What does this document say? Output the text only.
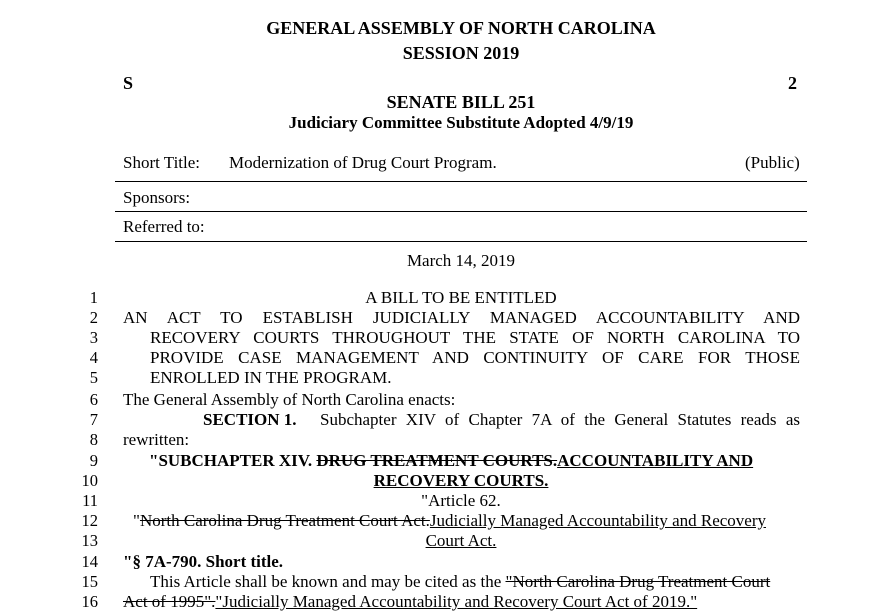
GENERAL ASSEMBLY OF NORTH CAROLINA
SESSION 2019
S	2
SENATE BILL 251
Judiciary Committee Substitute Adopted 4/9/19
Short Title: Modernization of Drug Court Program.	(Public)
Sponsors:
Referred to:
March 14, 2019
1
2
3
4
5
6
7
8
9
10
11
12
13
14
15
16
A BILL TO BE ENTITLED
AN ACT TO ESTABLISH JUDICIALLY MANAGED ACCOUNTABILITY AND
RECOVERY COURTS THROUGHOUT THE STATE OF NORTH CAROLINA TO
PROVIDE CASE MANAGEMENT AND CONTINUITY OF CARE FOR THOSE
ENROLLED IN THE PROGRAM.
The General Assembly of North Carolina enacts:
SECTION 1. Subchapter XIV of Chapter 7A of the General Statutes reads as
rewritten:
"SUBCHAPTER XIV. DRUG TREATMENT COURTS.ACCOUNTABILITY AND
RECOVERY COURTS.
"Article 62.
"North Carolina Drug Treatment Court Act.Judicially Managed Accountability and Recovery
Court Act.
"§ 7A-790. Short title.
This Article shall be known and may be cited as the "North Carolina Drug Treatment Court
Act of 1995"."Judicially Managed Accountability and Recovery Court Act of 2019."
